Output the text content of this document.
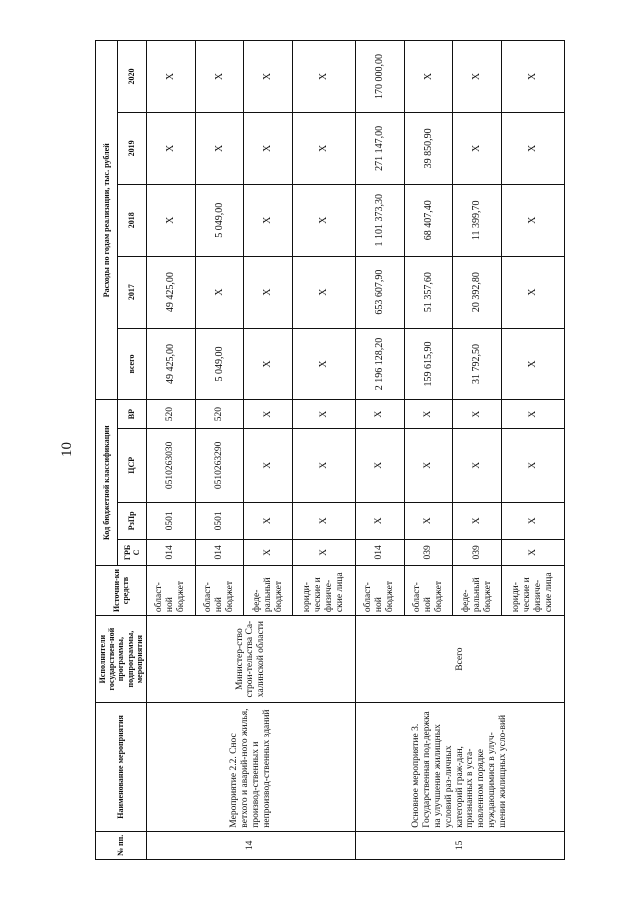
10
№ пп.	Наименование мероприятия	Исполнители государствен-ной программы, подпрограммы, мероприятия	Источни-ки средств	Код бюджетной классификации				Расходы по годам реализации, тыс. рублей				
				ГРБ С	РзПр	ЦСР	ВР	всего	2017	2018	2019	2020
14	Мероприятие 2.2. Снос ветхого и аварий-ного жилья, производ-ственных и непроизвод-ственных зданий	Министер-ство строи-тельства Са-халинской области	област-ной бюджет	014	0501	0510263030	520	49 425,00	49 425,00	X	X	X
			област-ной бюджет	014	0501	0510263290	520	5 049,00	X	5 049,00	X	X
			феде-ральный бюджет	X	X	X	X	X	X	X	X	X
			юриди-ческие и физиче-ские лица	X	X	X	X	X	X	X	X	X
15	Основное мероприятие 3. Государственная под-держка на улучшение жилищных условий раз-личных категорий граж-дан, признанных в уста-новленном порядке нуждающимися в улуч-шении жилищных усло-вий	Всего	област-ной бюджет	014	X	X	X	2 196 128,20	653 607,90	1 101 373,30	271 147,00	170 000,00
			област-ной бюджет	039	X	X	X	159 615,90	51 357,60	68 407,40	39 850,90	X
			феде-ральный бюджет	039	X	X	X	31 792,50	20 392,80	11 399,70	X	X
			юриди-ческие и физиче-ские лица	X	X	X	X	X	X	X	X	X
